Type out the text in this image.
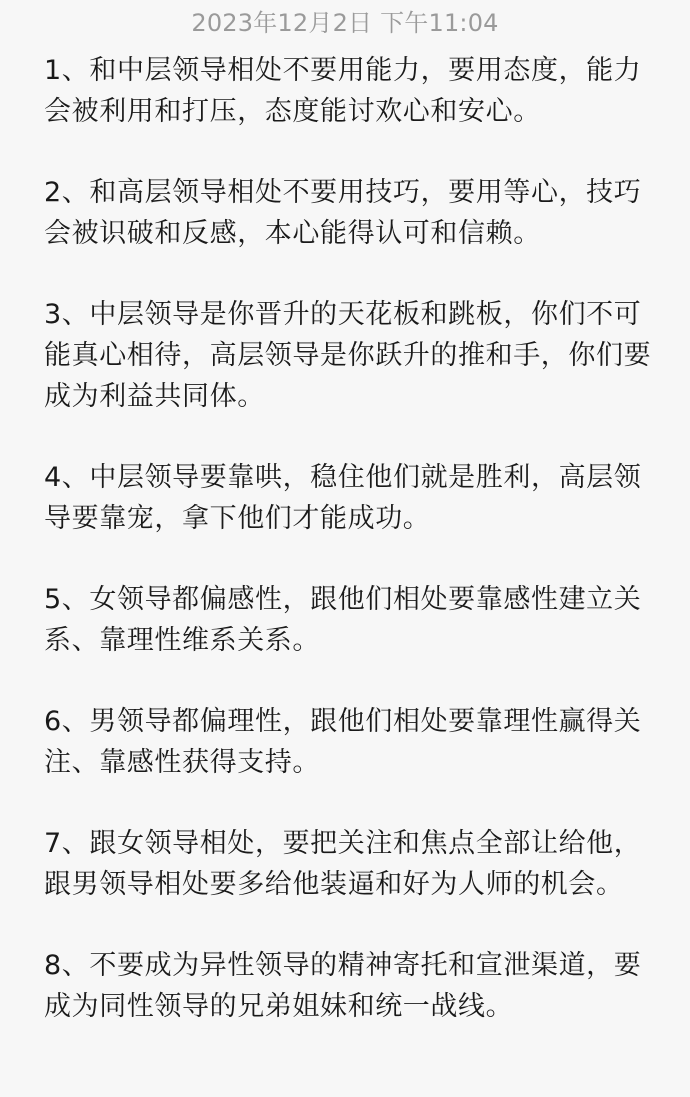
2023年12月2日 下午11:04

1、和中层领导相处不要用能力，要用态度，能力会被利用和打压，态度能讨欢心和安心。

2、和高层领导相处不要用技巧，要用等心，技巧会被识破和反感，本心能得认可和信赖。

3、中层领导是你晋升的天花板和跳板，你们不可能真心相待，高层领导是你跃升的推和手，你们要成为利益共同体。

4、中层领导要靠哄，稳住他们就是胜利，高层领导要靠宠，拿下他们才能成功。

5、女领导都偏感性，跟他们相处要靠感性建立关系、靠理性维系关系。

6、男领导都偏理性，跟他们相处要靠理性赢得关注、靠感性获得支持。

7、跟女领导相处，要把关注和焦点全部让给他，跟男领导相处要多给他装逼和好为人师的机会。

8、不要成为异性领导的精神寄托和宣泄渠道，要成为同性领导的兄弟姐妹和统一战线。
